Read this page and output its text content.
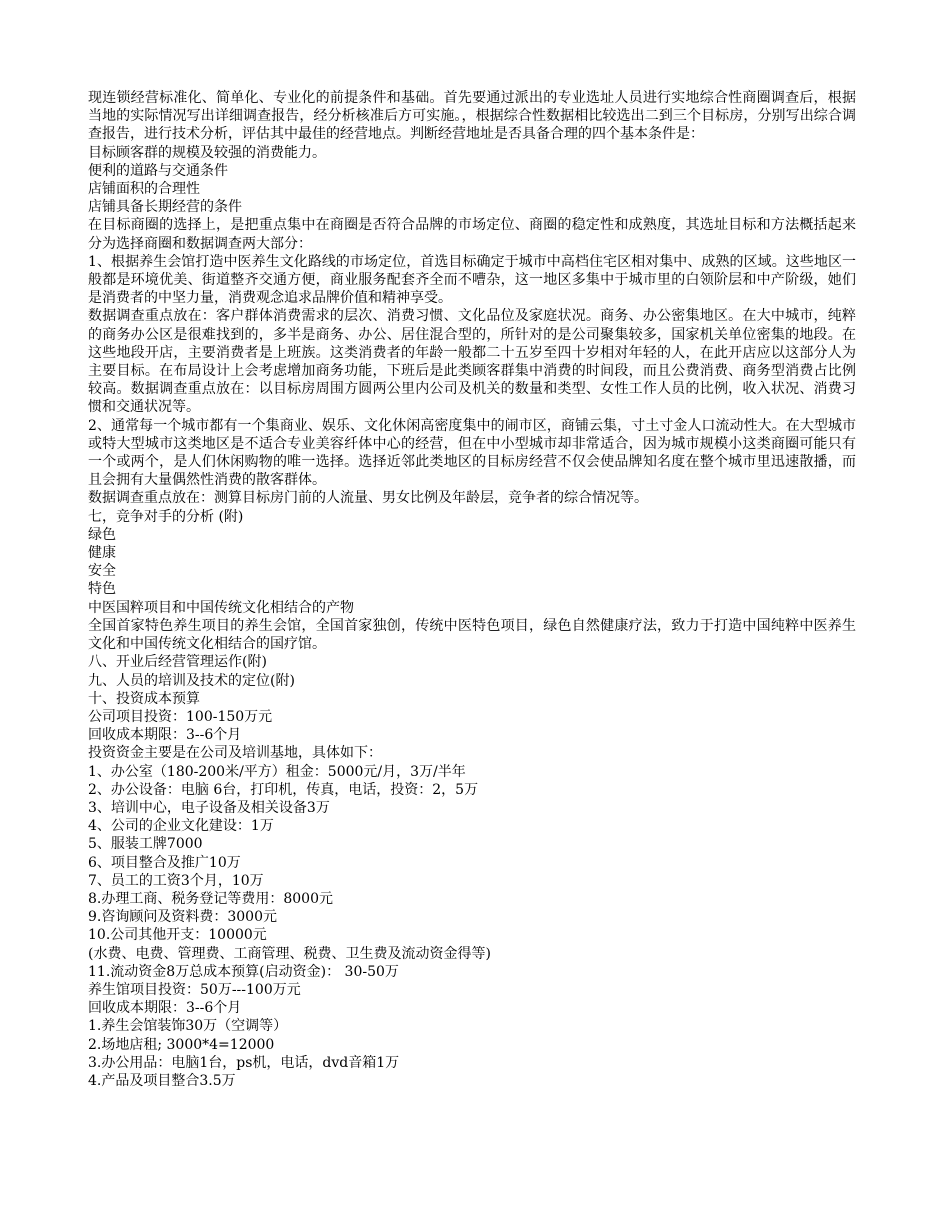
现连锁经营标准化、简单化、专业化的前提条件和基础。首先要通过派出的专业选址人员进行实地综合性商圈调查后，根据当地的实际情况写出详细调查报告，经分析核准后方可实施。，根据综合性数据相比较选出二到三个目标房，分别写出综合调查报告，进行技术分析，评估其中最佳的经营地点。判断经营地址是否具备合理的四个基本条件是：

目标顾客群的规模及较强的消费能力。

便利的道路与交通条件

店铺面积的合理性

店铺具备长期经营的条件

在目标商圈的选择上，是把重点集中在商圈是否符合品牌的市场定位、商圈的稳定性和成熟度，其选址目标和方法概括起来分为选择商圈和数据调查两大部分：

1、根据养生会馆打造中医养生文化路线的市场定位，首选目标确定于城市中高档住宅区相对集中、成熟的区域。这些地区一般都是环境优美、街道整齐交通方便，商业服务配套齐全而不嘈杂，这一地区多集中于城市里的白领阶层和中产阶级，她们是消费者的中坚力量，消费观念追求品牌价值和精神享受。

数据调查重点放在：客户群体消费需求的层次、消费习惯、文化品位及家庭状况。商务、办公密集地区。在大中城市，纯粹的商务办公区是很难找到的，多半是商务、办公、居住混合型的，所针对的是公司聚集较多，国家机关单位密集的地段。在这些地段开店，主要消费者是上班族。这类消费者的年龄一般都二十五岁至四十岁相对年轻的人，在此开店应以这部分人为主要目标。在布局设计上会考虑增加商务功能，下班后是此类顾客群集中消费的时间段，而且公费消费、商务型消费占比例较高。数据调查重点放在：以目标房周围方圆两公里内公司及机关的数量和类型、女性工作人员的比例，收入状况、消费习惯和交通状况等。

2、通常每一个城市都有一个集商业、娱乐、文化休闲高密度集中的闹市区，商铺云集，寸土寸金人口流动性大。在大型城市或特大型城市这类地区是不适合专业美容纤体中心的经营，但在中小型城市却非常适合，因为城市规模小这类商圈可能只有一个或两个，是人们休闲购物的唯一选择。选择近邻此类地区的目标房经营不仅会使品牌知名度在整个城市里迅速散播，而且会拥有大量偶然性消费的散客群体。

数据调查重点放在：测算目标房门前的人流量、男女比例及年龄层，竞争者的综合情况等。

七，竞争对手的分析 (附)

绿色

健康

安全

特色

中医国粹项目和中国传统文化相结合的产物

全国首家特色养生项目的养生会馆，全国首家独创，传统中医特色项目，绿色自然健康疗法，致力于打造中国纯粹中医养生文化和中国传统文化相结合的国疗馆。

八、开业后经营管理运作(附)

九、人员的培训及技术的定位(附)

十、投资成本预算

公司项目投资：100-150万元

回收成本期限：3--6个月

投资资金主要是在公司及培训基地，具体如下：

1、办公室（180-200米/平方）租金：5000元/月，3万/半年

2、办公设备：电脑 6台，打印机，传真，电话，投资：2，5万

3、培训中心，电子设备及相关设备3万

4、公司的企业文化建设：1万

5、服装工牌7000

6、项目整合及推广10万

7、员工的工资3个月，10万

8.办理工商、税务登记等费用：8000元

9.咨询顾问及资料费：3000元

10.公司其他开支：10000元

(水费、电费、管理费、工商管理、税费、卫生费及流动资金得等)

11.流动资金8万总成本预算(启动资金)： 30-50万

养生馆项目投资：50万---100万元

回收成本期限：3--6个月

1.养生会馆装饰30万（空调等）

2.场地店租; 3000*4=12000

3.办公用品：电脑1台，ps机，电话，dvd音箱1万

4.产品及项目整合3.5万
